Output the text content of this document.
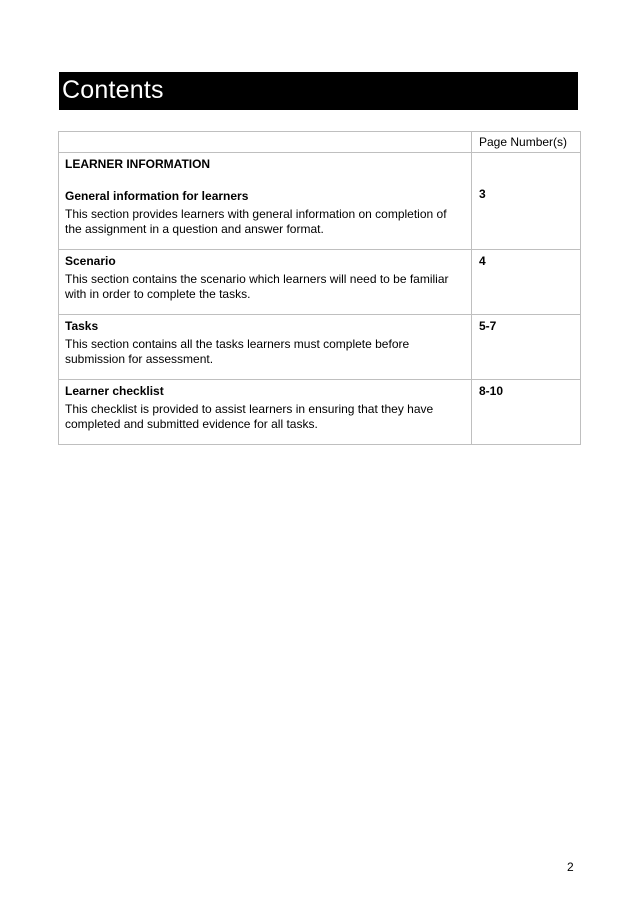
Contents
	Page Number(s)

LEARNER INFORMATION

General information for learners

This section provides learners with general information on completion of the assignment in a question and answer format.	3

Scenario

This section contains the scenario which learners will need to be familiar with in order to complete the tasks.	4

Tasks

This section contains all the tasks learners must complete before submission for assessment.	5-7

Learner checklist

This checklist is provided to assist learners in ensuring that they have completed and submitted evidence for all tasks.	8-10
2
